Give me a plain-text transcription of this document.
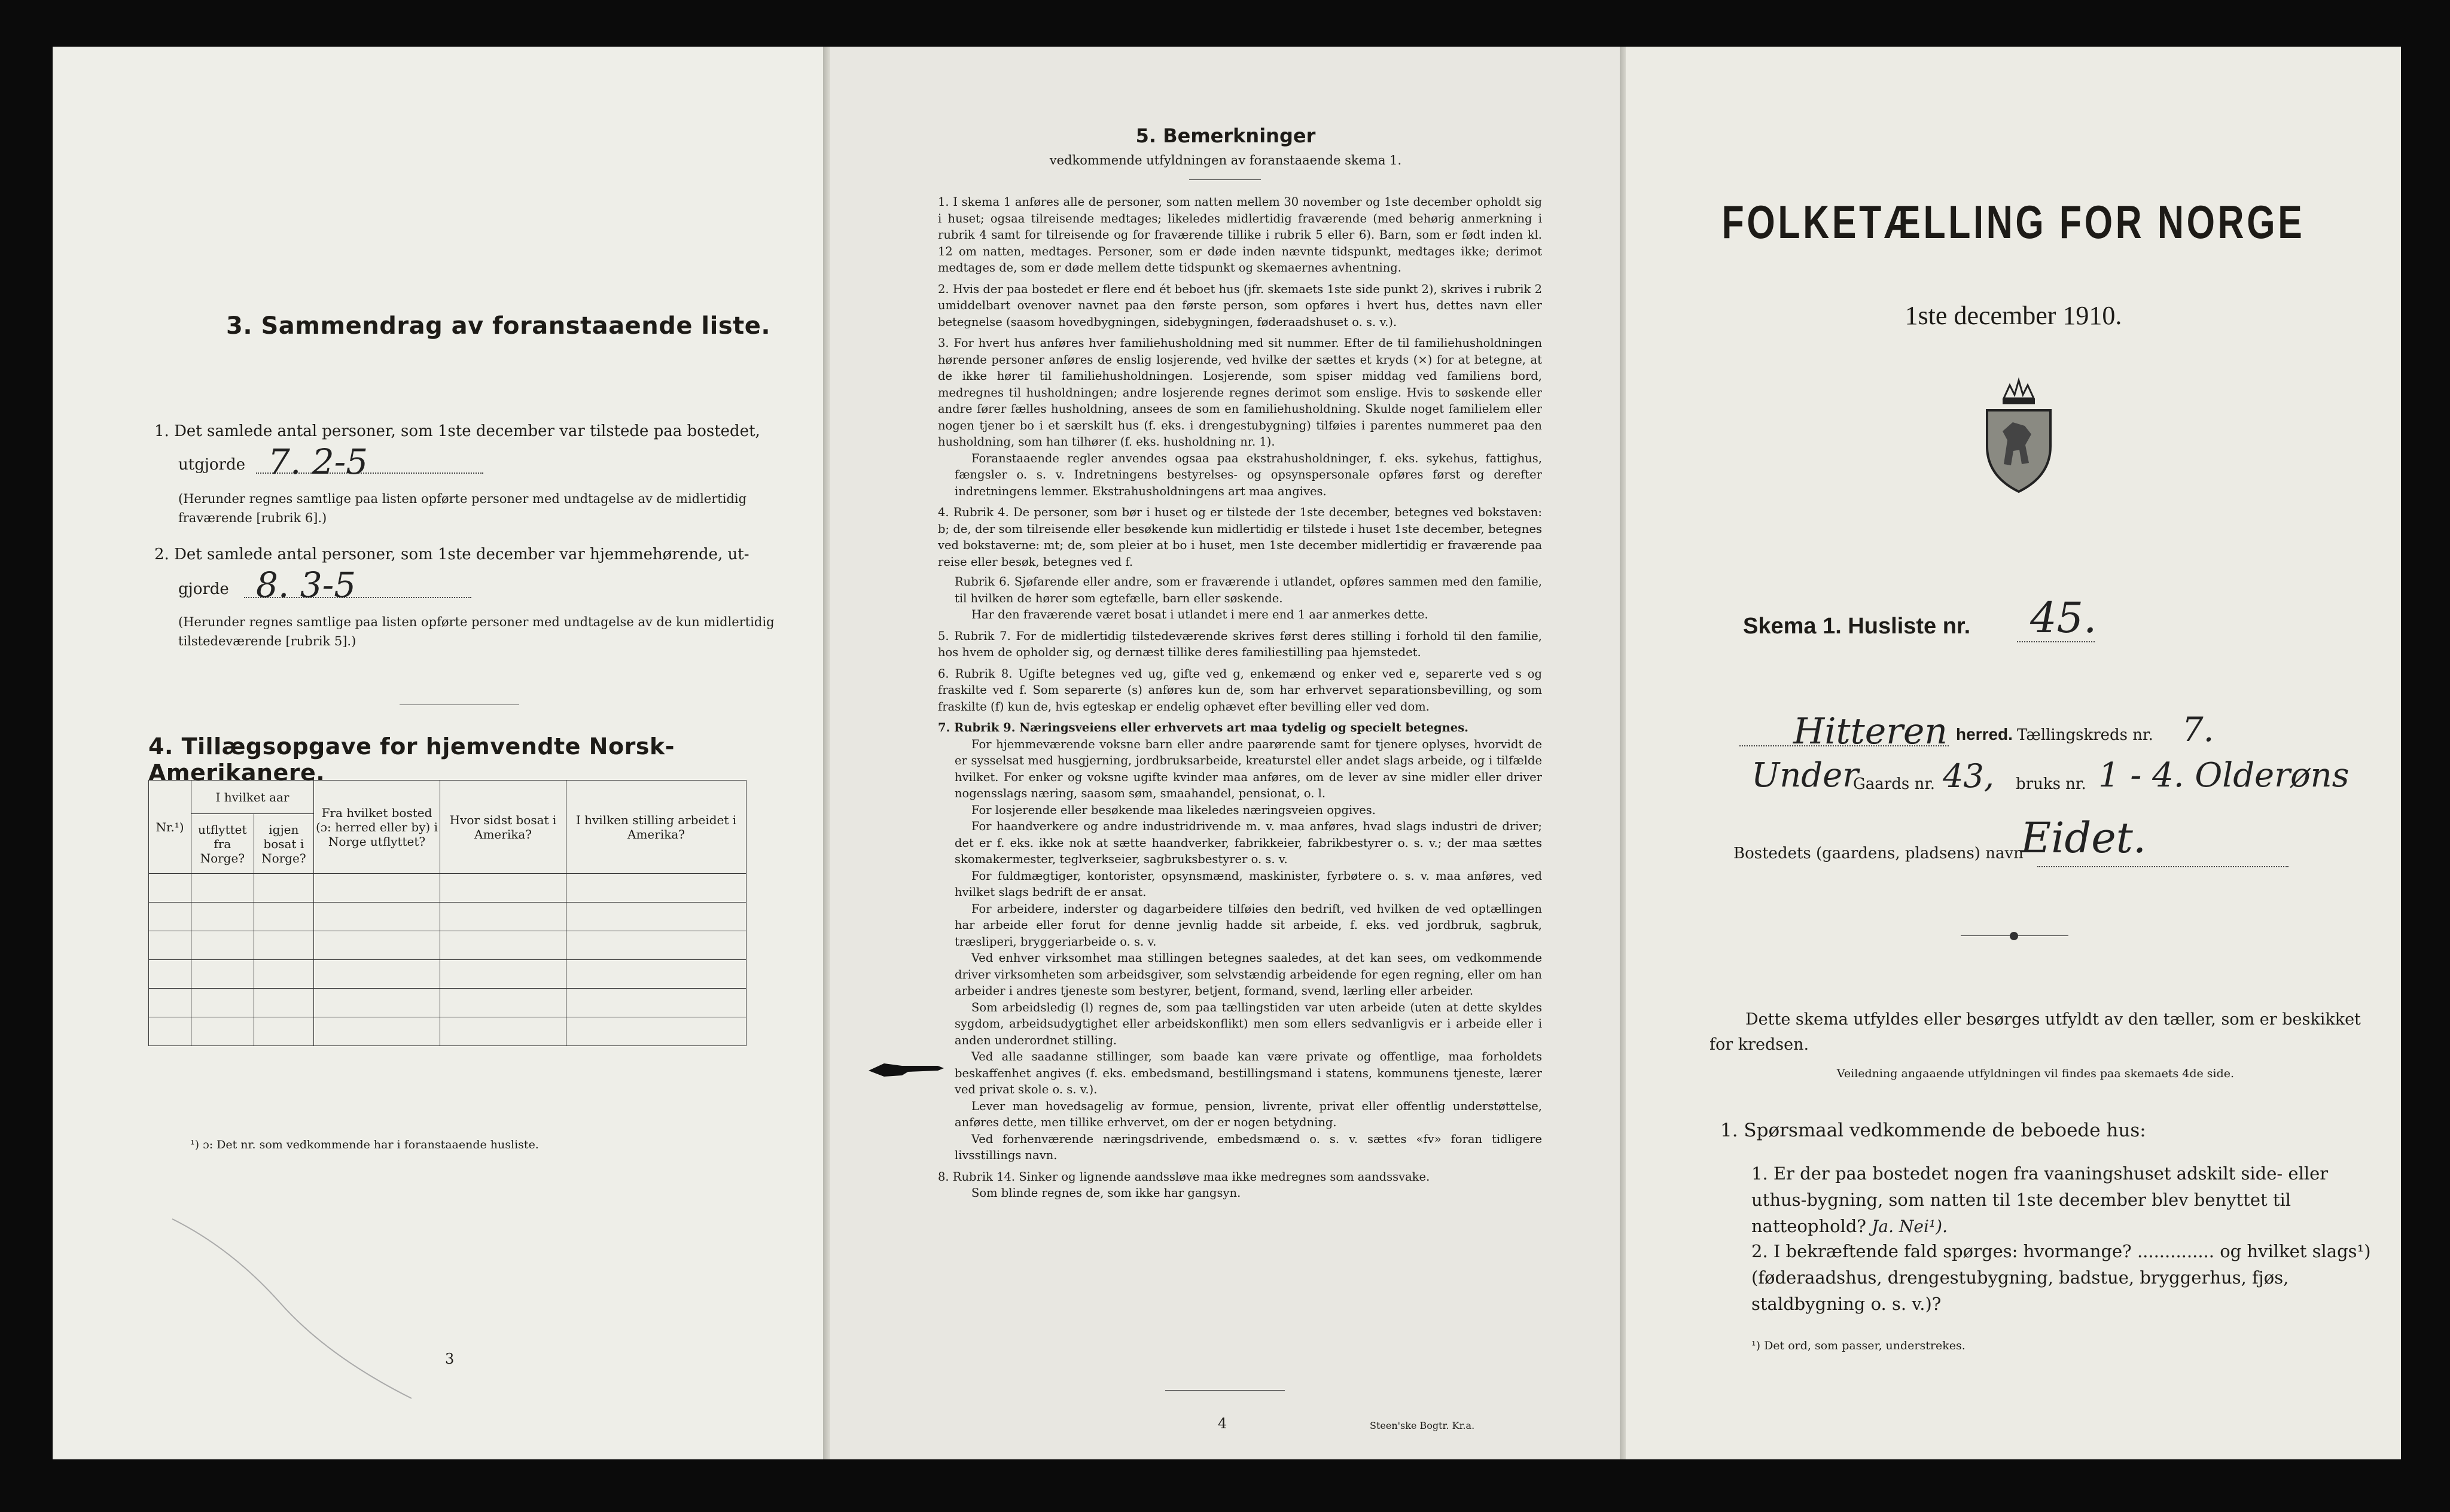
3. Sammendrag av foranstaaende liste.
1. Det samlede antal personer, som 1ste december var tilstede paa bostedet,
utgjorde 7. 2-5
(Herunder regnes samtlige paa listen opførte personer med undtagelse av de midlertidig fraværende [rubrik 6].)
2. Det samlede antal personer, som 1ste december var hjemmehørende, ut-
gjorde 8. 3-5
(Herunder regnes samtlige paa listen opførte personer med undtagelse av de kun midlertidig tilstedeværende [rubrik 5].)
4. Tillægsopgave for hjemvendte Norsk-Amerikanere.
Nr.¹)	I hvilket aar		Fra hvilket bosted (ɔ: herred eller by) i Norge utflyttet?	Hvor sidst bosat i Amerika?	I hvilken stilling arbeidet i Amerika?
	utflyttet fra Norge?	igjen bosat i Norge?			

¹) ɔ: Det nr. som vedkommende har i foranstaaende husliste.
3
5. Bemerkninger
vedkommende utfyldningen av foranstaaende skema 1.

1. I skema 1 anføres alle de personer, som natten mellem 30 november og 1ste december opholdt sig i huset; ogsaa tilreisende medtages; likeledes midlertidig fraværende (med behørig anmerkning i rubrik 4 samt for tilreisende og for fraværende tillike i rubrik 5 eller 6). Barn, som er født inden kl. 12 om natten, medtages. Personer, som er døde inden nævnte tidspunkt, medtages ikke; derimot medtages de, som er døde mellem dette tidspunkt og skemaernes avhentning.

2. Hvis der paa bostedet er flere end ét beboet hus (jfr. skemaets 1ste side punkt 2), skrives i rubrik 2 umiddelbart ovenover navnet paa den første person, som opføres i hvert hus, dettes navn eller betegnelse (saasom hovedbygningen, sidebygningen, føderaadshuset o. s. v.).

3. For hvert hus anføres hver familiehusholdning med sit nummer. Efter de til familiehusholdningen hørende personer anføres de enslig losjerende, ved hvilke der sættes et kryds (×) for at betegne, at de ikke hører til familiehusholdningen. Losjerende, som spiser middag ved familiens bord, medregnes til husholdningen; andre losjerende regnes derimot som enslige. Hvis to søskende eller andre fører fælles husholdning, ansees de som en familiehusholdning. Skulde noget familielem eller nogen tjener bo i et særskilt hus (f. eks. i drengestubygning) tilføies i parentes nummeret paa den husholdning, som han tilhører (f. eks. husholdning nr. 1).

Foranstaaende regler anvendes ogsaa paa ekstrahusholdninger, f. eks. sykehus, fattighus, fængsler o. s. v. Indretningens bestyrelses- og opsynspersonale opføres først og derefter indretningens lemmer. Ekstrahusholdningens art maa angives.

4. Rubrik 4. De personer, som bør i huset og er tilstede der 1ste december, betegnes ved bokstaven: b; de, der som tilreisende eller besøkende kun midlertidig er tilstede i huset 1ste december, betegnes ved bokstaverne: mt; de, som pleier at bo i huset, men 1ste december midlertidig er fraværende paa reise eller besøk, betegnes ved f.

Rubrik 6. Sjøfarende eller andre, som er fraværende i utlandet, opføres sammen med den familie, til hvilken de hører som egtefælle, barn eller søskende.

Har den fraværende været bosat i utlandet i mere end 1 aar anmerkes dette.

5. Rubrik 7. For de midlertidig tilstedeværende skrives først deres stilling i forhold til den familie, hos hvem de opholder sig, og dernæst tillike deres familiestilling paa hjemstedet.

6. Rubrik 8. Ugifte betegnes ved ug, gifte ved g, enkemænd og enker ved e, separerte ved s og fraskilte ved f. Som separerte (s) anføres kun de, som har erhvervet separationsbevilling, og som fraskilte (f) kun de, hvis egteskap er endelig ophævet efter bevilling eller ved dom.

7. Rubrik 9. Næringsveiens eller erhvervets art maa tydelig og specielt betegnes.

For hjemmeværende voksne barn eller andre paarørende samt for tjenere oplyses, hvorvidt de er sysselsat med husgjerning, jordbruksarbeide, kreaturstel eller andet slags arbeide, og i tilfælde hvilket. For enker og voksne ugifte kvinder maa anføres, om de lever av sine midler eller driver nogensslags næring, saasom søm, smaahandel, pensionat, o. l.

For losjerende eller besøkende maa likeledes næringsveien opgives.

For haandverkere og andre industridrivende m. v. maa anføres, hvad slags industri de driver; det er f. eks. ikke nok at sætte haandverker, fabrikkeier, fabrikbestyrer o. s. v.; der maa sættes skomakermester, teglverkseier, sagbruksbestyrer o. s. v.

For fuldmægtiger, kontorister, opsynsmænd, maskinister, fyrbøtere o. s. v. maa anføres, ved hvilket slags bedrift de er ansat.

For arbeidere, inderster og dagarbeidere tilføies den bedrift, ved hvilken de ved optællingen har arbeide eller forut for denne jevnlig hadde sit arbeide, f. eks. ved jordbruk, sagbruk, træsliperi, bryggeriarbeide o. s. v.

Ved enhver virksomhet maa stillingen betegnes saaledes, at det kan sees, om vedkommende driver virksomheten som arbeidsgiver, som selvstændig arbeidende for egen regning, eller om han arbeider i andres tjeneste som bestyrer, betjent, formand, svend, lærling eller arbeider.

Som arbeidsledig (l) regnes de, som paa tællingstiden var uten arbeide (uten at dette skyldes sygdom, arbeidsudygtighet eller arbeidskonflikt) men som ellers sedvanligvis er i arbeide eller i anden underordnet stilling.

Ved alle saadanne stillinger, som baade kan være private og offentlige, maa forholdets beskaffenhet angives (f. eks. embedsmand, bestillingsmand i statens, kommunens tjeneste, lærer ved privat skole o. s. v.).

Lever man hovedsagelig av formue, pension, livrente, privat eller offentlig understøttelse, anføres dette, men tillike erhvervet, om der er nogen betydning.

Ved forhenværende næringsdrivende, embedsmænd o. s. v. sættes «fv» foran tidligere livsstillings navn.

8. Rubrik 14. Sinker og lignende aandssløve maa ikke medregnes som aandssvake.

Som blinde regnes de, som ikke har gangsyn.

4	Steen'ske Bogtr. Kr.a.
FOLKETÆLLING FOR NORGE
1ste december 1910.
Skema 1. Husliste nr. 45.
Hitteren herred. Tællingskreds nr. 7.
Under
Gaards nr. 43, bruks nr. 1 - 4. Olderøns
Bostedets (gaardens, pladsens) navn
Eidet.
Dette skema utfyldes eller besørges utfyldt av den tæller, som er beskikket for kredsen.
Veiledning angaaende utfyldningen vil findes paa skemaets 4de side.
1. Spørsmaal vedkommende de beboede hus:
1. Er der paa bostedet nogen fra vaaningshuset adskilt side- eller uthus-bygning, som natten til 1ste december blev benyttet til natteophold? Ja. Nei¹).
2. I bekræftende fald spørges: hvormange? .............. og hvilket slags¹) (føderaadshus, drengestubygning, badstue, bryggerhus, fjøs, staldbygning o. s. v.)?
¹) Det ord, som passer, understrekes.
